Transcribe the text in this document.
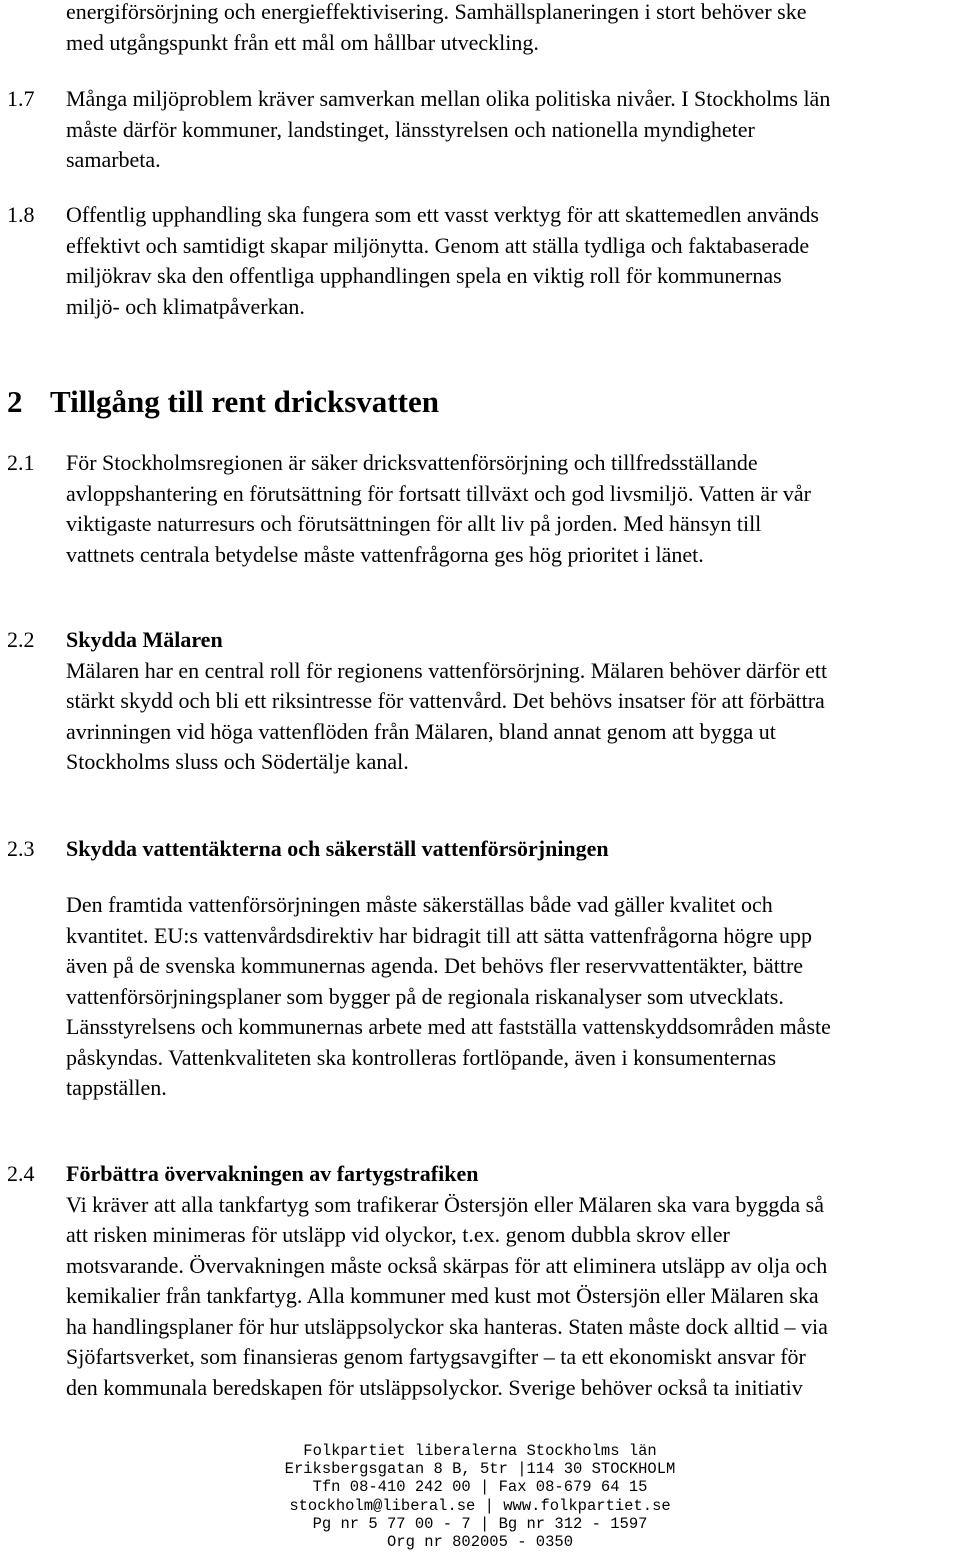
energiförsörjning och energieffektivisering. Samhällsplaneringen i stort behöver ske

med utgångspunkt från ett mål om hållbar utveckling.

1.7 Många miljöproblem kräver samverkan mellan olika politiska nivåer. I Stockholms län

måste därför kommuner, landstinget, länsstyrelsen och nationella myndigheter

samarbeta.

1.8 Offentlig upphandling ska fungera som ett vasst verktyg för att skattemedlen används

effektivt och samtidigt skapar miljönytta. Genom att ställa tydliga och faktabaserade

miljökrav ska den offentliga upphandlingen spela en viktig roll för kommunernas

miljö- och klimatpåverkan.

2 Tillgång till rent dricksvatten
2.1 För Stockholmsregionen är säker dricksvattenförsörjning och tillfredsställande

avloppshantering en förutsättning för fortsatt tillväxt och god livsmiljö. Vatten är vår

viktigaste naturresurs och förutsättningen för allt liv på jorden. Med hänsyn till

vattnets centrala betydelse måste vattenfrågorna ges hög prioritet i länet.

2.2 Skydda Mälaren

Mälaren har en central roll för regionens vattenförsörjning. Mälaren behöver därför ett

stärkt skydd och bli ett riksintresse för vattenvård. Det behövs insatser för att förbättra

avrinningen vid höga vattenflöden från Mälaren, bland annat genom att bygga ut

Stockholms sluss och Södertälje kanal.

2.3 Skydda vattentäkterna och säkerställ vattenförsörjningen

Den framtida vattenförsörjningen måste säkerställas både vad gäller kvalitet och

kvantitet. EU:s vattenvårdsdirektiv har bidragit till att sätta vattenfrågorna högre upp

även på de svenska kommunernas agenda. Det behövs fler reservvattentäkter, bättre

vattenförsörjningsplaner som bygger på de regionala riskanalyser som utvecklats.

Länsstyrelsens och kommunernas arbete med att fastställa vattenskyddsområden måste

påskyndas. Vattenkvaliteten ska kontrolleras fortlöpande, även i konsumenternas

tappställen.

2.4 Förbättra övervakningen av fartygstrafiken

Vi kräver att alla tankfartyg som trafikerar Östersjön eller Mälaren ska vara byggda så

att risken minimeras för utsläpp vid olyckor, t.ex. genom dubbla skrov eller

motsvarande. Övervakningen måste också skärpas för att eliminera utsläpp av olja och

kemikalier från tankfartyg. Alla kommuner med kust mot Östersjön eller Mälaren ska

ha handlingsplaner för hur utsläppsolyckor ska hanteras. Staten måste dock alltid – via

Sjöfartsverket, som finansieras genom fartygsavgifter – ta ett ekonomiskt ansvar för

den kommunala beredskapen för utsläppsolyckor. Sverige behöver också ta initiativ

Folkpartiet liberalerna Stockholms län
Eriksbergsgatan 8 B, 5tr |114 30 STOCKHOLM
Tfn 08-410 242 00 | Fax 08-679 64 15
stockholm@liberal.se | www.folkpartiet.se
Pg nr 5 77 00 - 7 | Bg nr 312 - 1597
Org nr 802005 - 0350
